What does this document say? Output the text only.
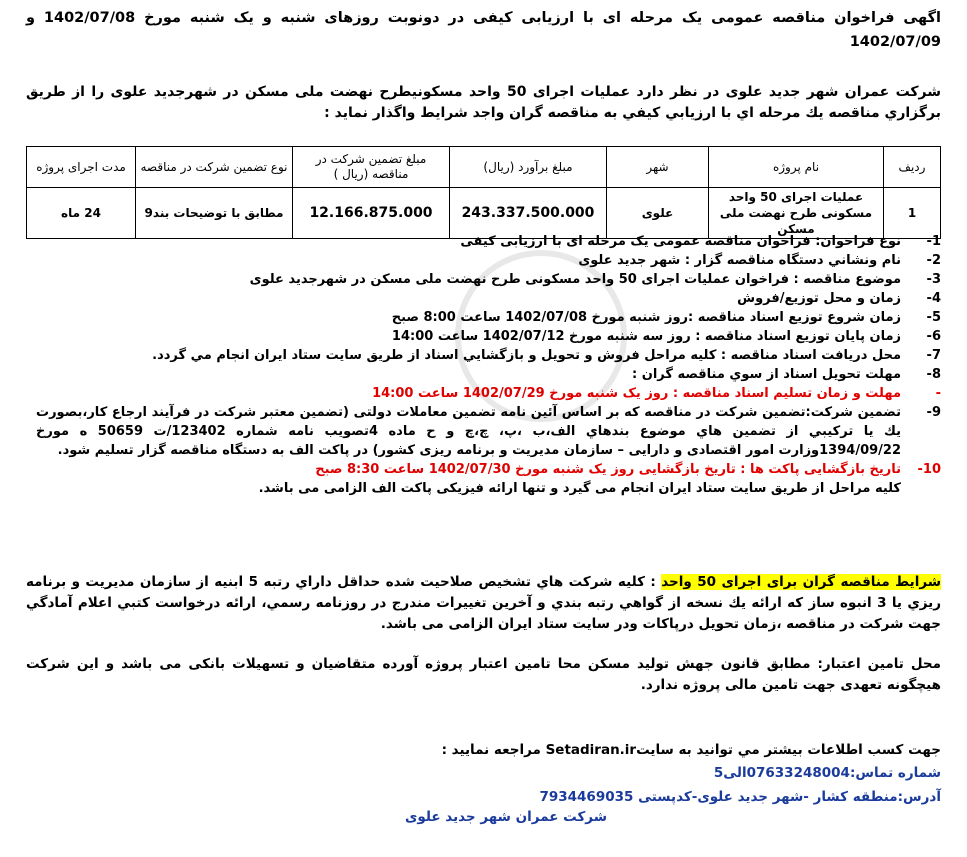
اگهی فراخوان مناقصه عمومی یک مرحله ای با ارزیابی کیفی در دونوبت روزهای شنبه و یک شنبه مورخ 1402/07/08 و 1402/07/09
شرکت عمران شهر جدید علوی در نظر دارد عملیات اجرای 50 واحد مسکونیطرح نهضت ملی مسکن در شهرجدید علوی را از طريق برگزاري مناقصه يك مرحله اي با ارزيابي كيفي به مناقصه گران واجد شرايط واگذار نمايد :
ردیف	نام پروژه	شهر	مبلغ برآورد (ریال)	مبلغ تضمین شرکت در مناقصه (ریال )	نوع تضمین شرکت در مناقصه	مدت اجرای پروژه
1	عملیات اجرای 50 واحد مسکونی طرح نهضت ملی مسکن	علوی	243.337.500.000	12.166.875.000	مطابق با توضیحات بند9	24 ماه
1-
نوع فراخوان: فراخوان مناقصه عمومی یک مرحله ای با ارزیابی کیفی
2-
نام ونشاني دستگاه مناقصه گزار : شهر جدید علوی
3-
موضوع مناقصه : فراخوان عملیات اجرای 50 واحد مسکونی طرح نهضت ملی مسکن در شهرجدید علوی
4-
زمان و محل توزیع/فروش
5-
زمان شروع توزيع اسناد مناقصه :روز شنبه مورخ 1402/07/08 ساعت 8:00 صبح
6-
زمان پايان توزيع اسناد مناقصه : روز سه شنبه مورخ 1402/07/12 ساعت 14:00
7-
محل دريافت اسناد مناقصه : كليه مراحل فروش و تحويل و بازگشايي اسناد از طريق سايت ستاد ايران انجام مي گردد.
8-
مهلت تحويل اسناد از سوي مناقصه گران :
-
مهلت و زمان تسلیم اسناد مناقصه : روز یک شنبه مورخ 1402/07/29 ساعت 14:00
9-
تضمين شركت:تضمین شرکت در مناقصه که بر اساس آئین نامه تضمین معاملات دولتی (تضمين معتبر شركت در فرآيند ارجاع كار،بصورت يك يا تركيبي از تضمين هاي موضوع بندهاي الف،ب ،پ، چ،چ و ح ماده 4تصويب نامه شماره 123402/ت 50659 ه مورخ 1394/09/22وزارت امور اقتصادی و دارایی – سازمان مدیریت و برنامه ریزی کشور) در پاکت الف به دستگاه مناقصه گزار تسلیم شود.
10-
تاریخ بازگشایی پاکت ها : تاریخ بازگشایی روز یک شنبه مورخ 1402/07/30 ساعت 8:30 صبح
کلیه مراحل از طریق سایت ستاد ایران انجام می گیرد و تنها ارائه فیزیکی پاکت الف الزامی می باشد.
شرایط مناقصه گران برای اجرای 50 واحد : كليه شركت هاي تشخيص صلاحيت شده حداقل داراي رتبه 5 ابنیه از سازمان مديريت و برنامه ريزي يا 3 انبوه ساز كه ارائه يك نسخه از گواهي رتبه بندي و آخرين تغييرات مندرج در روزنامه رسمي، ارائه درخواست كتبي اعلام آمادگي جهت شركت در مناقصه ،زمان تحويل درپاكات ودر سايت ستاد ايران الزامی می باشد.
محل تامین اعتبار: مطابق قانون جهش تولید مسکن محا تامین اعتبار پروژه آورده متقاضیان و تسهیلات بانکی می باشد و این شرکت هیچگونه تعهدی جهت تامین مالی پروژه ندارد.
جهت كسب اطلاعات بيشتر مي توانيد به سايتSetadiran.ir مراجعه نمایید :
شماره تماس:07633248004الی5
آدرس:منطقه کشار -شهر جدید علوی-کدپستی 7934469035
شرکت عمران شهر جدید علوی
